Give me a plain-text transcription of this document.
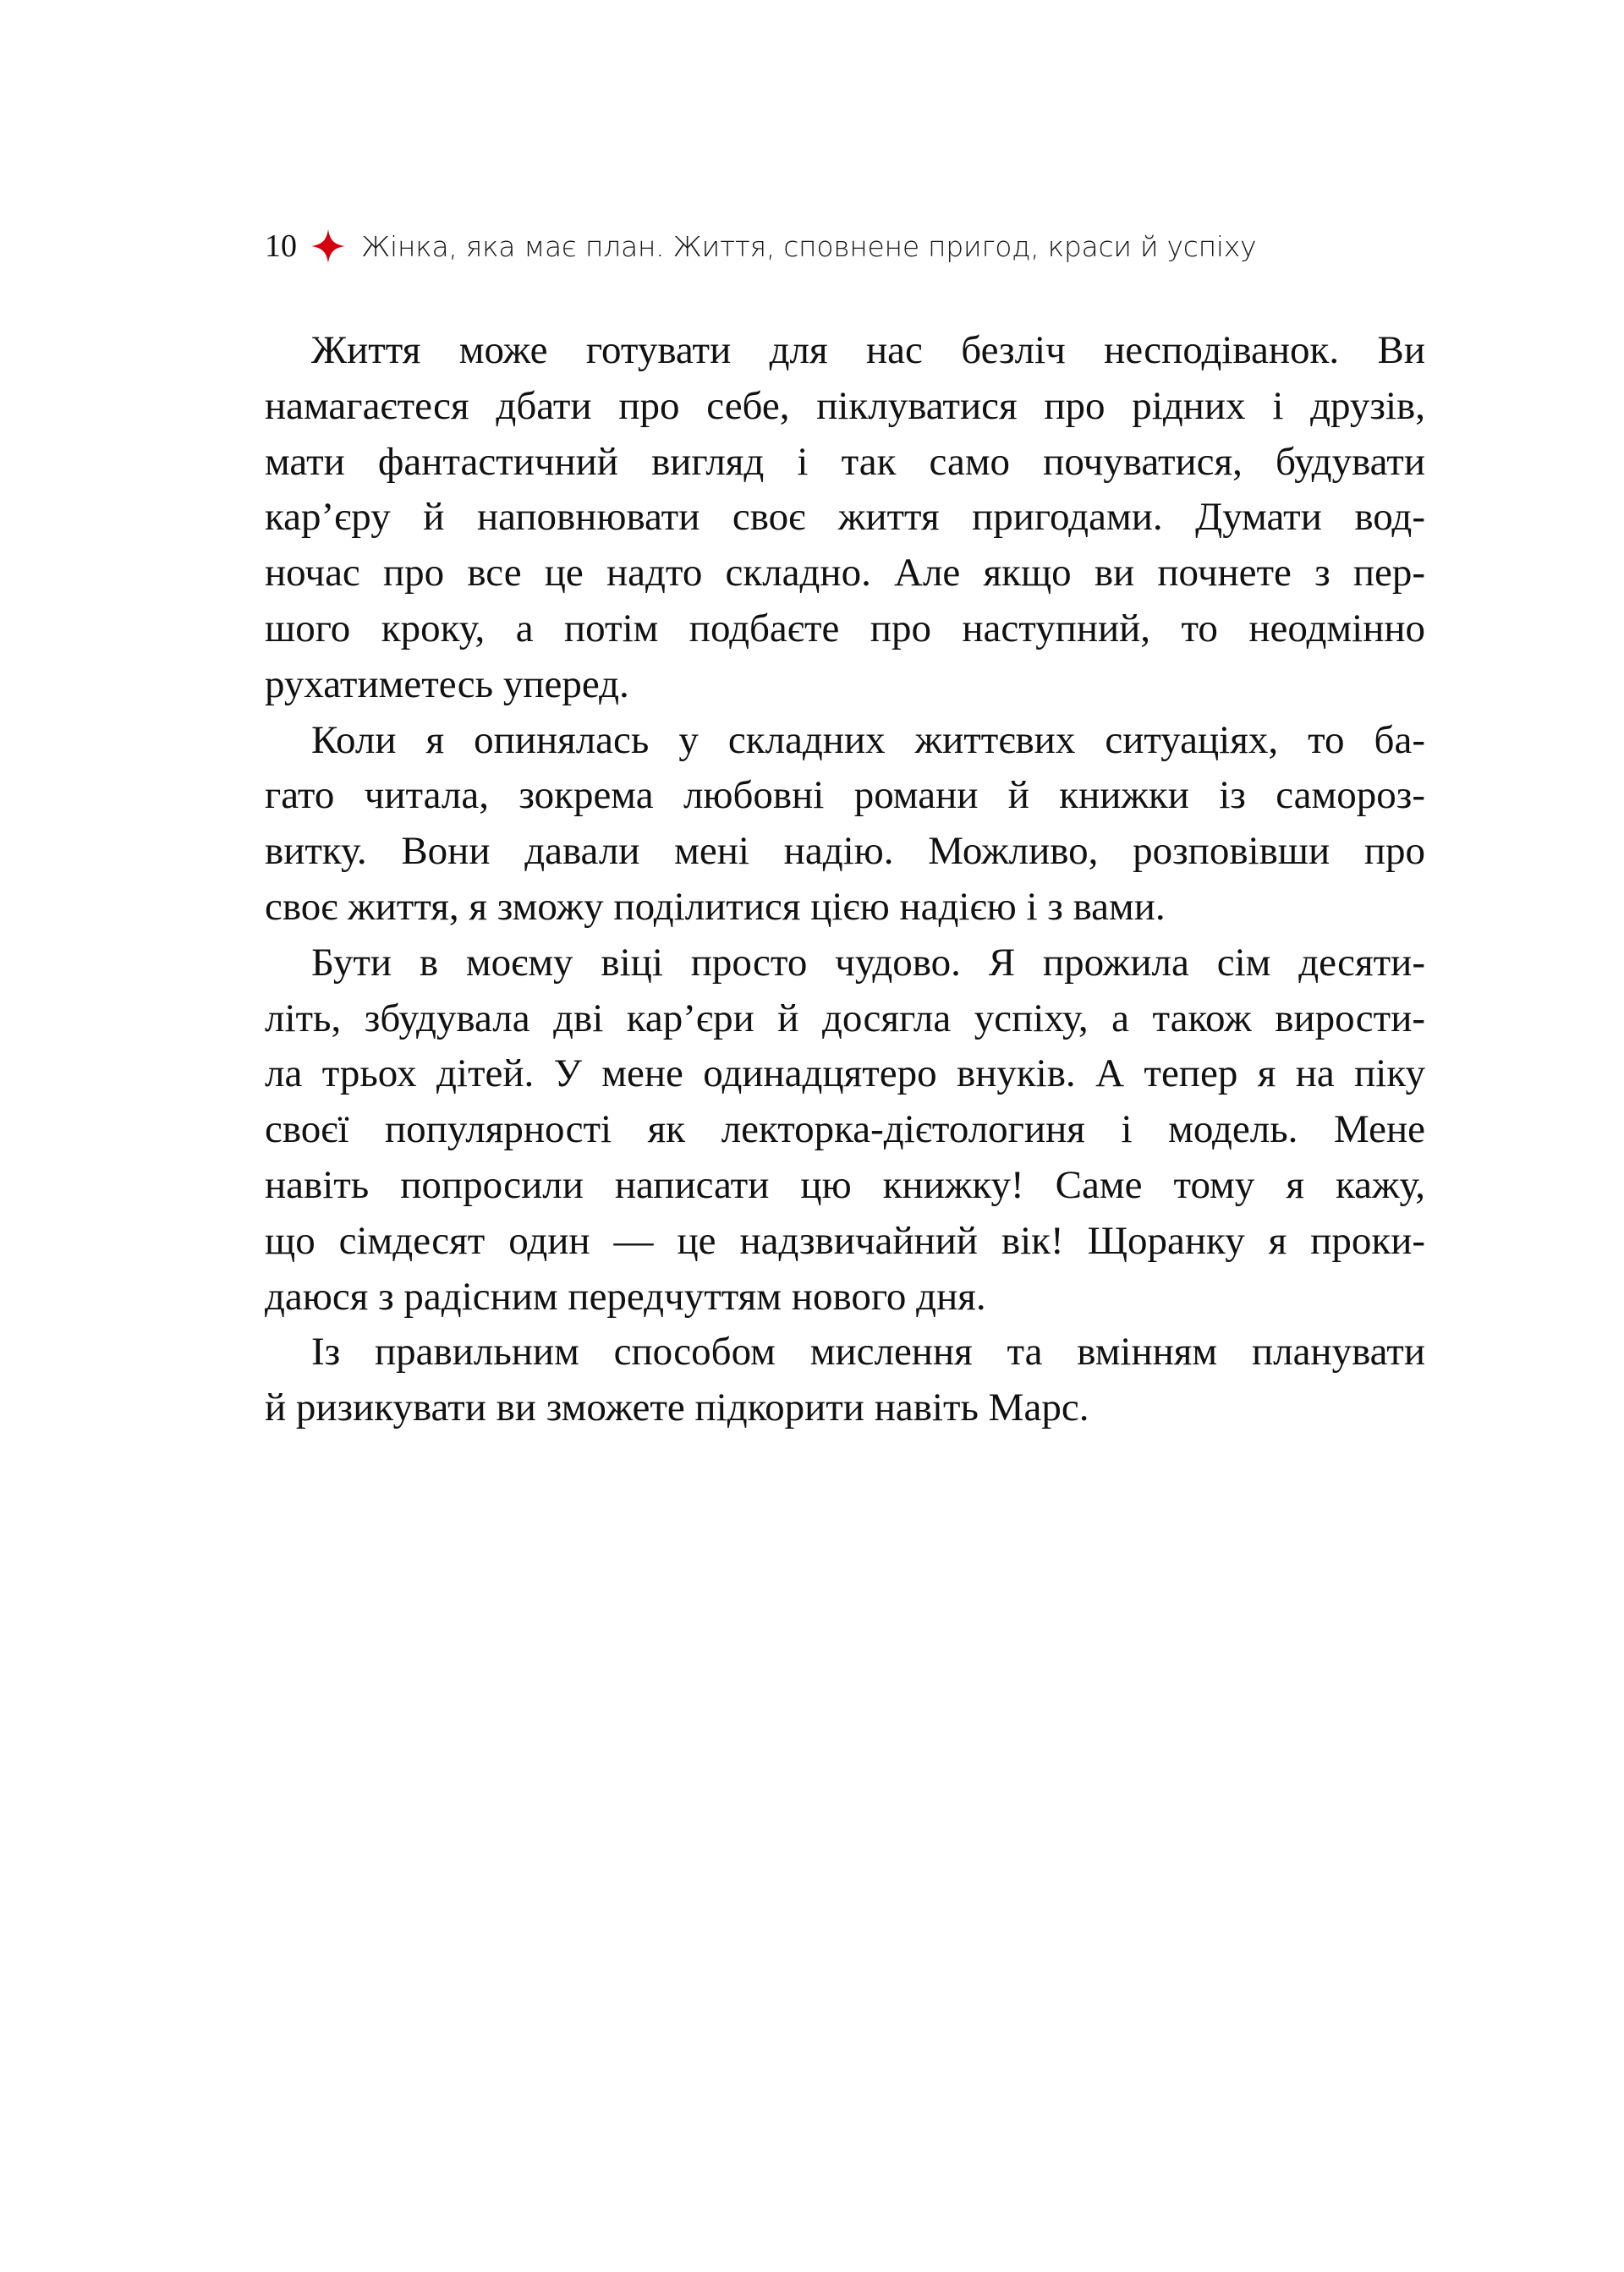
10 Жінка, яка має план. Життя, сповнене пригод, краси й успіху
Життя може готувати для нас безліч несподіванок. Ви
намагаєтеся дбати про себе, піклуватися про рідних і друзів,
мати фантастичний вигляд і так само почуватися, будувати
кар’єру й наповнювати своє життя пригодами. Думати вод-
ночас про все це надто складно. Але якщо ви почнете з пер-
шого кроку, а потім подбаєте про наступний, то неодмінно
рухатиметесь уперед.
Коли я опинялась у складних життєвих ситуаціях, то ба-
гато читала, зокрема любовні романи й книжки із самороз-
витку. Вони давали мені надію. Можливо, розповівши про
своє життя, я зможу поділитися цією надією і з вами.
Бути в моєму віці просто чудово. Я прожила сім десяти-
літь, збудувала дві кар’єри й досягла успіху, а також вирости-
ла трьох дітей. У мене одинадцятеро внуків. А тепер я на піку
своєї популярності як лекторка-дієтологиня і модель. Мене
навіть попросили написати цю книжку! Саме тому я кажу,
що сімдесят один — це надзвичайний вік! Щоранку я проки-
даюся з радісним передчуттям нового дня.
Із правильним способом мислення та вмінням планувати
й ризикувати ви зможете підкорити навіть Марс.
